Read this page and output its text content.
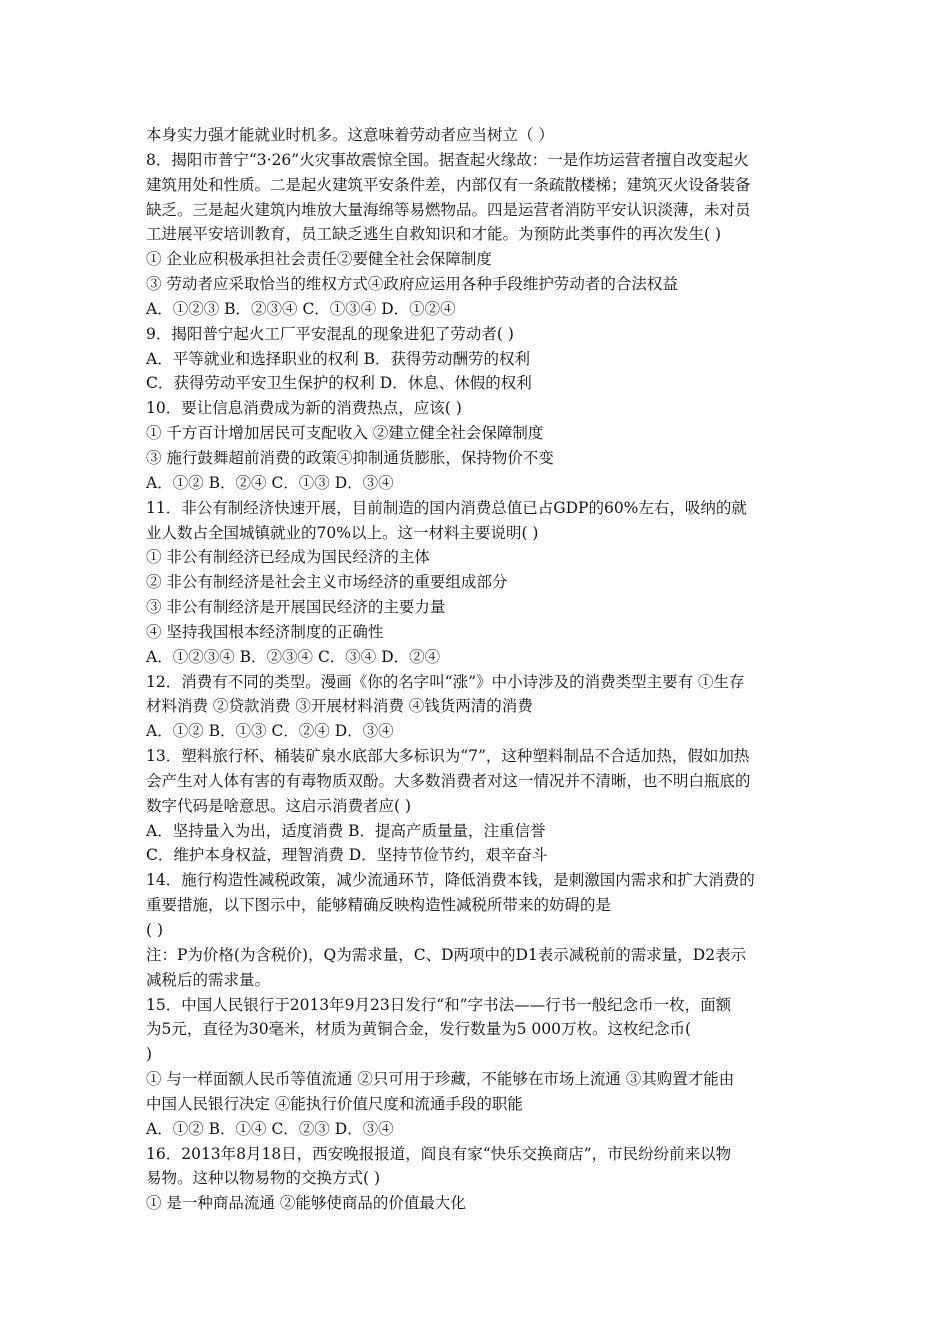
本身实力强才能就业时机多。这意味着劳动者应当树立（ ）
8．揭阳市普宁“3·26”火灾事故震惊全国。据查起火缘故：一是作坊运营者擅自改变起火
建筑用处和性质。二是起火建筑平安条件差，内部仅有一条疏散楼梯；建筑灭火设备装备
缺乏。三是起火建筑内堆放大量海绵等易燃物品。四是运营者消防平安认识淡薄，未对员
工进展平安培训教育，员工缺乏逃生自救知识和才能。为预防此类事件的再次发生( )
① 企业应积极承担社会责任②要健全社会保障制度
③ 劳动者应采取恰当的维权方式④政府应运用各种手段维护劳动者的合法权益
A．①②③ B．②③④ C．①③④ D．①②④
9．揭阳普宁起火工厂平安混乱的现象进犯了劳动者( )
A．平等就业和选择职业的权利 B．获得劳动酬劳的权利
C．获得劳动平安卫生保护的权利 D．休息、休假的权利
10．要让信息消费成为新的消费热点，应该( )
① 千方百计增加居民可支配收入 ②建立健全社会保障制度
③ 施行鼓舞超前消费的政策④抑制通货膨胀，保持物价不变
A．①② B．②④ C．①③ D．③④
11．非公有制经济快速开展，目前制造的国内消费总值已占GDP的60%左右，吸纳的就
业人数占全国城镇就业的70%以上。这一材料主要说明( )
① 非公有制经济已经成为国民经济的主体
② 非公有制经济是社会主义市场经济的重要组成部分
③ 非公有制经济是开展国民经济的主要力量
④ 坚持我国根本经济制度的正确性
A．①②③④ B．②③④ C．③④ D．②④
12．消费有不同的类型。漫画《你的名字叫“涨”》中小诗涉及的消费类型主要有 ①生存
材料消费 ②贷款消费 ③开展材料消费 ④钱货两清的消费
A．①② B．①③ C．②④ D．③④
13．塑料旅行杯、桶装矿泉水底部大多标识为“7”，这种塑料制品不合适加热，假如加热
会产生对人体有害的有毒物质双酚。大多数消费者对这一情况并不清晰，也不明白瓶底的
数字代码是啥意思。这启示消费者应( )
A．坚持量入为出，适度消费 B．提高产质量量，注重信誉
C．维护本身权益，理智消费 D．坚持节俭节约，艰辛奋斗
14．施行构造性减税政策，减少流通环节，降低消费本钱，是刺激国内需求和扩大消费的
重要措施，以下图示中，能够精确反映构造性减税所带来的妨碍的是
( )
注：P为价格(为含税价)，Q为需求量，C、D两项中的D1表示减税前的需求量，D2表示
减税后的需求量。
15．中国人民银行于2013年9月23日发行“和”字书法——行书一般纪念币一枚，面额
为5元，直径为30毫米，材质为黄铜合金，发行数量为5 000万枚。这枚纪念币(
)
① 与一样面额人民币等值流通 ②只可用于珍藏，不能够在市场上流通 ③其购置才能由
中国人民银行决定 ④能执行价值尺度和流通手段的职能
A．①② B．①④ C．②③ D．③④
16．2013年8月18日，西安晚报报道，阎良有家“快乐交换商店”，市民纷纷前来以物
易物。这种以物易物的交换方式( )
① 是一种商品流通 ②能够使商品的价值最大化
